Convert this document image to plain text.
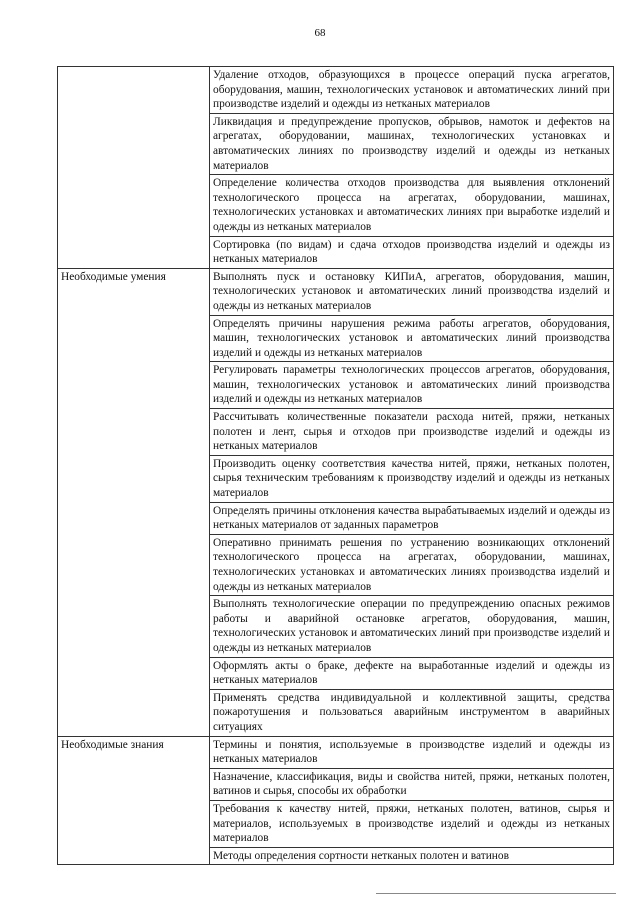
68
	Удаление отходов, образующихся в процессе операций пуска агрегатов, оборудования, машин, технологических установок и автоматических линий при производстве изделий и одежды из нетканых материалов
	Ликвидация и предупреждение пропусков, обрывов, намоток и дефектов на агрегатах, оборудовании, машинах, технологических установках и автоматических линиях по производству изделий и одежды из нетканых материалов
	Определение количества отходов производства для выявления отклонений технологического процесса на агрегатах, оборудовании, машинах, технологических установках и автоматических линиях при выработке изделий и одежды из нетканых материалов
	Сортировка (по видам) и сдача отходов производства изделий и одежды из нетканых материалов
Необходимые умения	Выполнять пуск и остановку КИПиА, агрегатов, оборудования, машин, технологических установок и автоматических линий производства изделий и одежды из нетканых материалов
	Определять причины нарушения режима работы агрегатов, оборудования, машин, технологических установок и автоматических линий производства изделий и одежды из нетканых материалов
	Регулировать параметры технологических процессов агрегатов, оборудования, машин, технологических установок и автоматических линий производства изделий и одежды из нетканых материалов
	Рассчитывать количественные показатели расхода нитей, пряжи, нетканых полотен и лент, сырья и отходов при производстве изделий и одежды из нетканых материалов
	Производить оценку соответствия качества нитей, пряжи, нетканых полотен, сырья техническим требованиям к производству изделий и одежды из нетканых материалов
	Определять причины отклонения качества вырабатываемых изделий и одежды из нетканых материалов от заданных параметров
	Оперативно принимать решения по устранению возникающих отклонений технологического процесса на агрегатах, оборудовании, машинах, технологических установках и автоматических линиях производства изделий и одежды из нетканых материалов
	Выполнять технологические операции по предупреждению опасных режимов работы и аварийной остановке агрегатов, оборудования, машин, технологических установок и автоматических линий при производстве изделий и одежды из нетканых материалов
	Оформлять акты о браке, дефекте на выработанные изделий и одежды из нетканых материалов
	Применять средства индивидуальной и коллективной защиты, средства пожаротушения и пользоваться аварийным инструментом в аварийных ситуациях
Необходимые знания	Термины и понятия, используемые в производстве изделий и одежды из нетканых материалов
	Назначение, классификация, виды и свойства нитей, пряжи, нетканых полотен, ватинов и сырья, способы их обработки
	Требования к качеству нитей, пряжи, нетканых полотен, ватинов, сырья и материалов, используемых в производстве изделий и одежды из нетканых материалов
	Методы определения сортности нетканых полотен и ватинов
